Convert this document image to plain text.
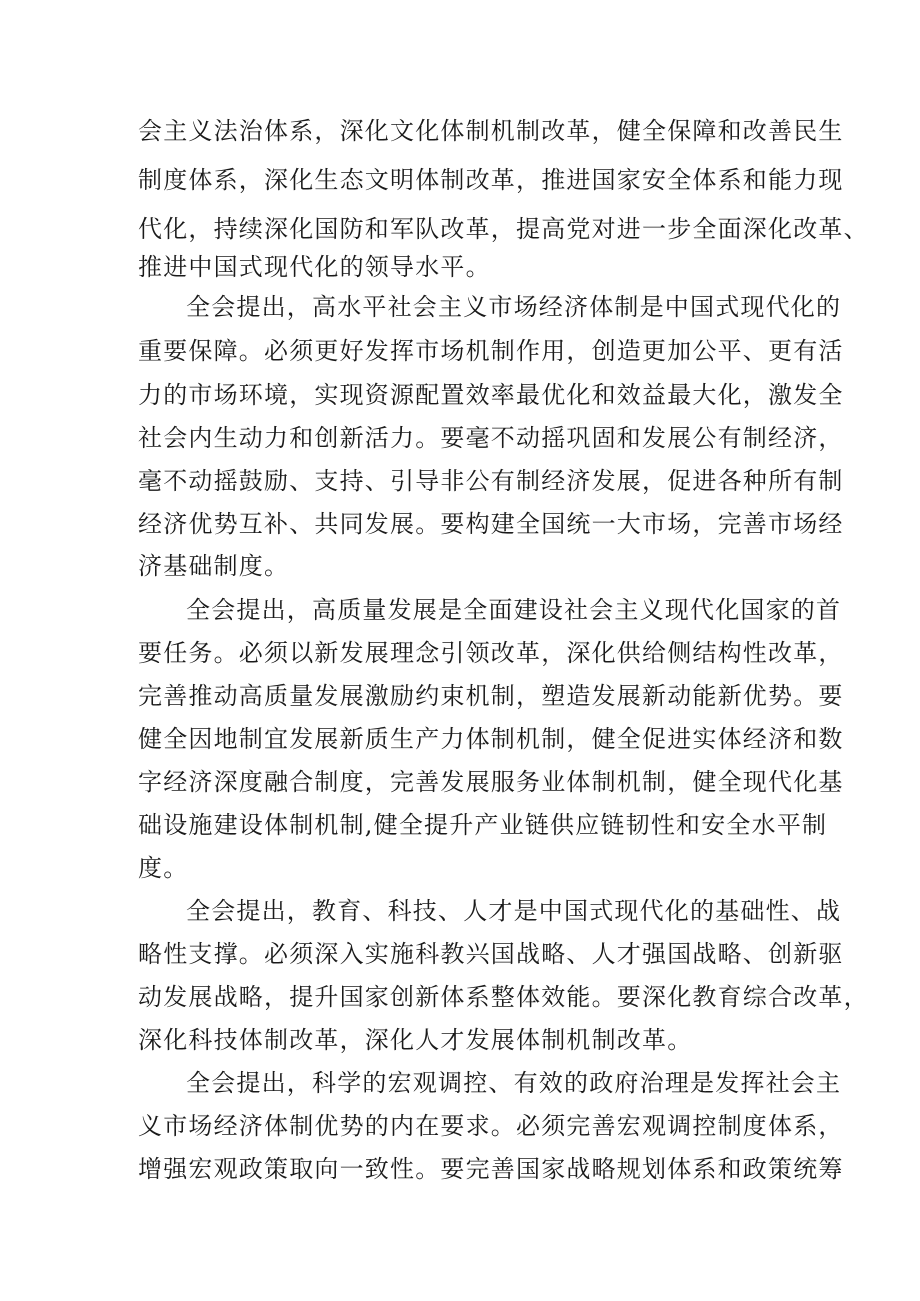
会主义法治体系，深化文化体制机制改革，健全保障和改善民生
制度体系，深化生态文明体制改革，推进国家安全体系和能力现
代化，持续深化国防和军队改革，提高党对进一步全面深化改革、
推进中国式现代化的领导水平。
全会提出，高水平社会主义市场经济体制是中国式现代化的
重要保障。必须更好发挥市场机制作用，创造更加公平、更有活
力的市场环境，实现资源配置效率最优化和效益最大化，激发全
社会内生动力和创新活力。要毫不动摇巩固和发展公有制经济，
毫不动摇鼓励、支持、引导非公有制经济发展，促进各种所有制
经济优势互补、共同发展。要构建全国统一大市场，完善市场经
济基础制度。
全会提出，高质量发展是全面建设社会主义现代化国家的首
要任务。必须以新发展理念引领改革，深化供给侧结构性改革，
完善推动高质量发展激励约束机制，塑造发展新动能新优势。要
健全因地制宜发展新质生产力体制机制，健全促进实体经济和数
字经济深度融合制度，完善发展服务业体制机制，健全现代化基
础设施建设体制机制,健全提升产业链供应链韧性和安全水平制
度。
全会提出，教育、科技、人才是中国式现代化的基础性、战
略性支撑。必须深入实施科教兴国战略、人才强国战略、创新驱
动发展战略，提升国家创新体系整体效能。要深化教育综合改革，
深化科技体制改革，深化人才发展体制机制改革。
全会提出，科学的宏观调控、有效的政府治理是发挥社会主
义市场经济体制优势的内在要求。必须完善宏观调控制度体系，
增强宏观政策取向一致性。要完善国家战略规划体系和政策统筹
